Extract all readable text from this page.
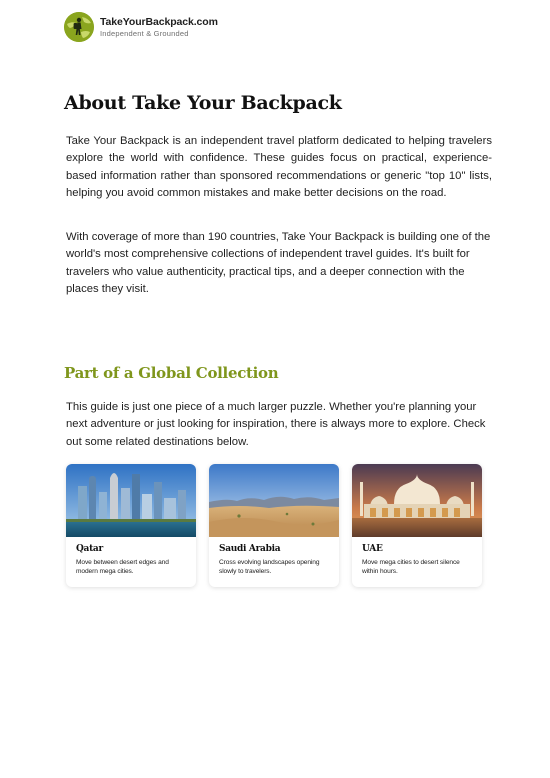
TakeYourBackpack.com
Independent & Grounded
About Take Your Backpack

Take Your Backpack is an independent travel platform dedicated to helping travelers explore the world with confidence. These guides focus on practical, experience-based information rather than sponsored recommendations or generic "top 10" lists, helping you avoid common mistakes and make better decisions on the road.

With coverage of more than 190 countries, Take Your Backpack is building one of the world's most comprehensive collections of independent travel guides. It's built for travelers who value authenticity, practical tips, and a deeper connection with the places they visit.

Part of a Global Collection

This guide is just one piece of a much larger puzzle. Whether you're planning your next adventure or just looking for inspiration, there is always more to explore. Check out some related destinations below.

Qatar
Move between desert edges and modern mega cities.
Saudi Arabia
Cross evolving landscapes opening slowly to travelers.
UAE
Move mega cities to desert silence within hours.
